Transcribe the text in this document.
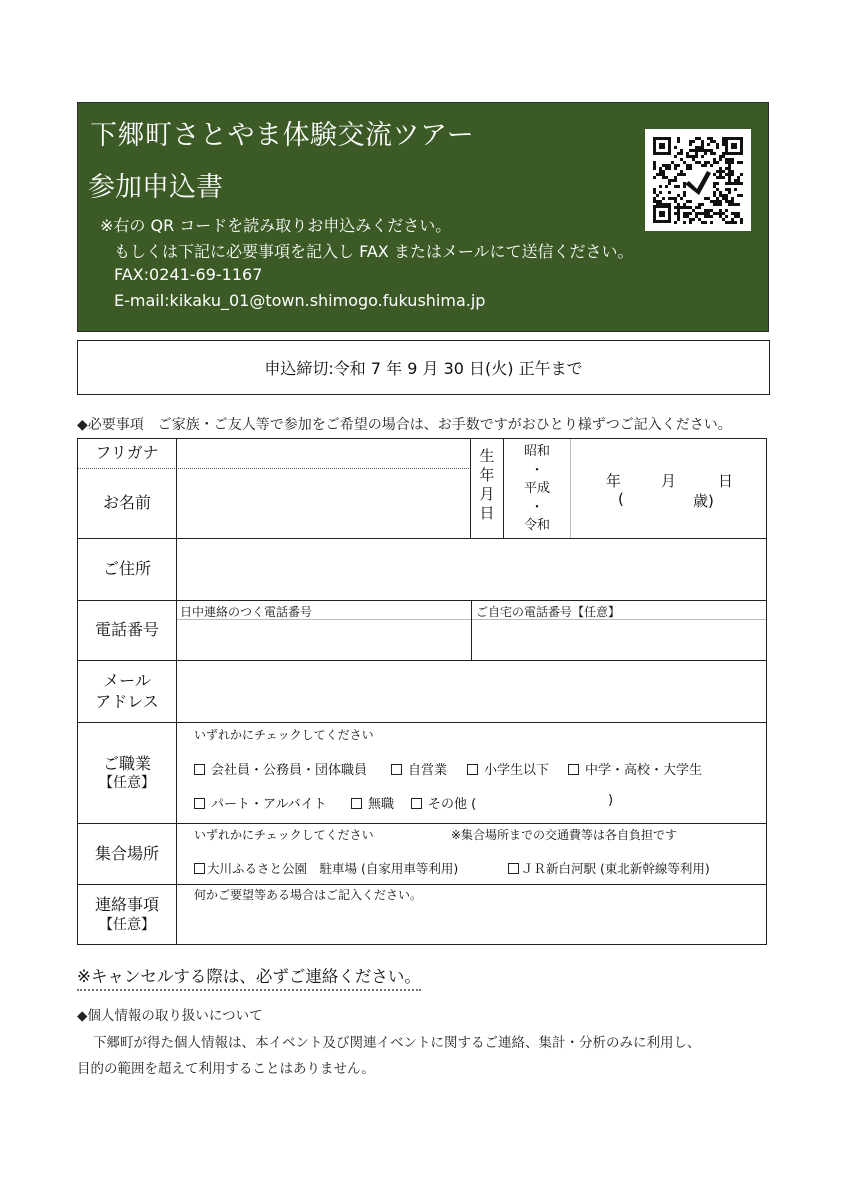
下郷町さとやま体験交流ツアー
参加申込書
※右の QR コードを読み取りお申込みください。
もしくは下記に必要事項を記入し FAX またはメールにて送信ください。
FAX:0241-69-1167
E-mail:kikaku_01@town.shimogo.fukushima.jp
申込締切:令和 7 年 9 月 30 日(火) 正午まで
◆必要事項　ご家族・ご友人等で参加をご希望の場合は、お手数ですがおひとり様ずつご記入ください。
フリガナ
お名前
生
年
月
日
昭和
・
平成
・
令和
年	月	日
(	歳)
ご住所
電話番号
日中連絡のつく電話番号	ご自宅の電話番号【任意】
メール
アドレス
ご職業
【任意】
いずれかにチェックしてください
会社員・公務員・団体職員	自営業	小学生以下	中学・高校・大学生
パート・アルバイト	無職	その他 (	)
集合場所
いずれかにチェックしてください	※集合場所までの交通費等は各自負担です
大川ふるさと公園　駐車場 (自家用車等利用)	ＪＲ新白河駅 (東北新幹線等利用)
連絡事項
【任意】
何かご要望等ある場合はご記入ください。
※キャンセルする際は、必ずご連絡ください。
◆個人情報の取り扱いについて
下郷町が得た個人情報は、本イベント及び関連イベントに関するご連絡、集計・分析のみに利用し、
目的の範囲を超えて利用することはありません。
